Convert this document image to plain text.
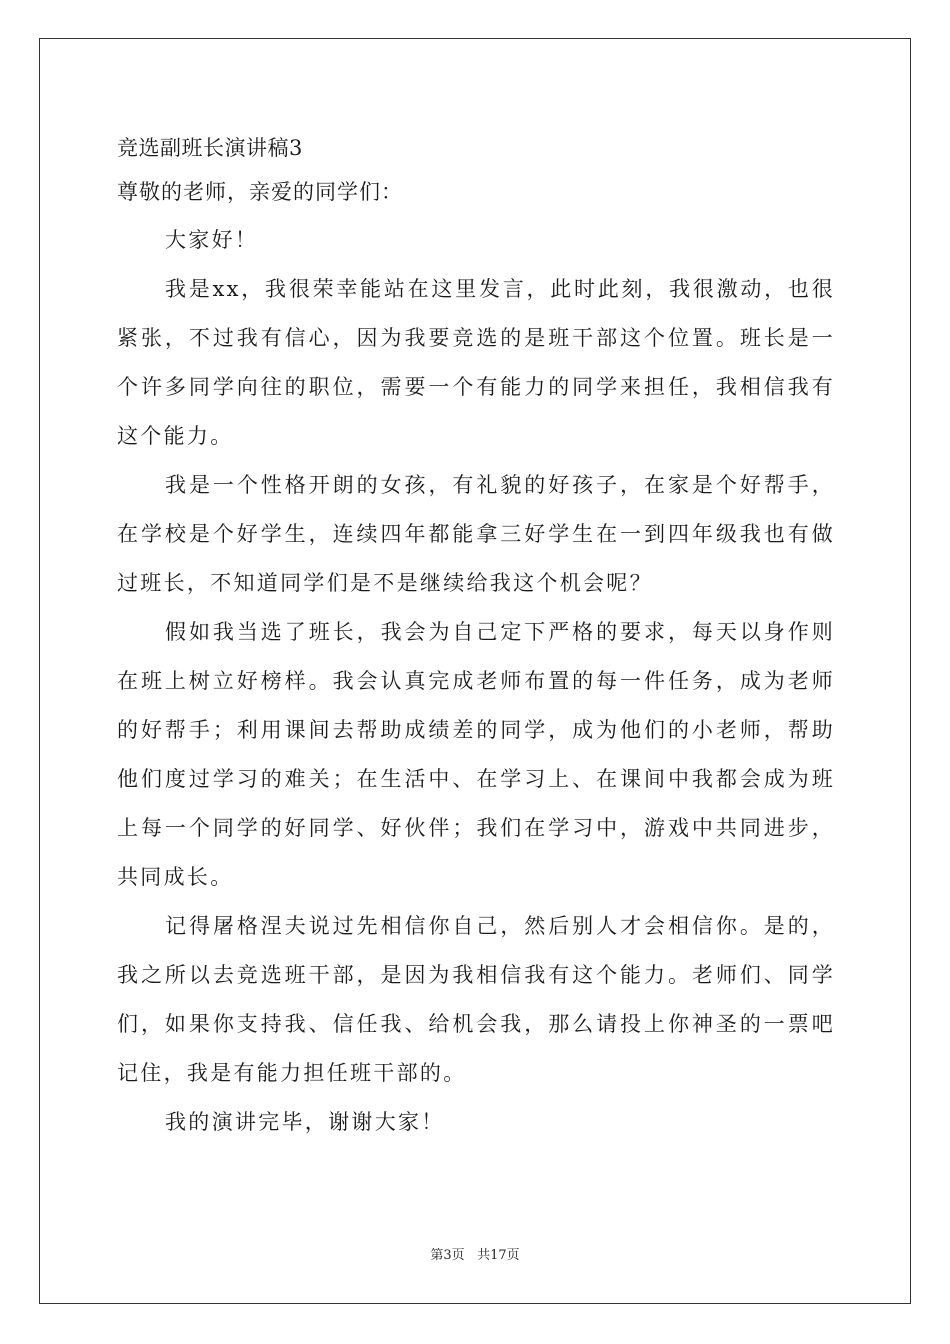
竞选副班长演讲稿3

尊敬的老师，亲爱的同学们：

大家好！

我是xx，我很荣幸能站在这里发言，此时此刻，我很激动，也很紧张，不过我有信心，因为我要竞选的是班干部这个位置。班长是一个许多同学向往的职位，需要一个有能力的同学来担任，我相信我有这个能力。

我是一个性格开朗的女孩，有礼貌的好孩子，在家是个好帮手，在学校是个好学生，连续四年都能拿三好学生在一到四年级我也有做过班长，不知道同学们是不是继续给我这个机会呢？

假如我当选了班长，我会为自己定下严格的要求，每天以身作则在班上树立好榜样。我会认真完成老师布置的每一件任务，成为老师的好帮手；利用课间去帮助成绩差的同学，成为他们的小老师，帮助他们度过学习的难关；在生活中、在学习上、在课间中我都会成为班上每一个同学的好同学、好伙伴；我们在学习中，游戏中共同进步，共同成长。

记得屠格涅夫说过先相信你自己，然后别人才会相信你。是的，我之所以去竞选班干部，是因为我相信我有这个能力。老师们、同学们，如果你支持我、信任我、给机会我，那么请投上你神圣的一票吧记住，我是有能力担任班干部的。

我的演讲完毕，谢谢大家！

第3页 共17页
